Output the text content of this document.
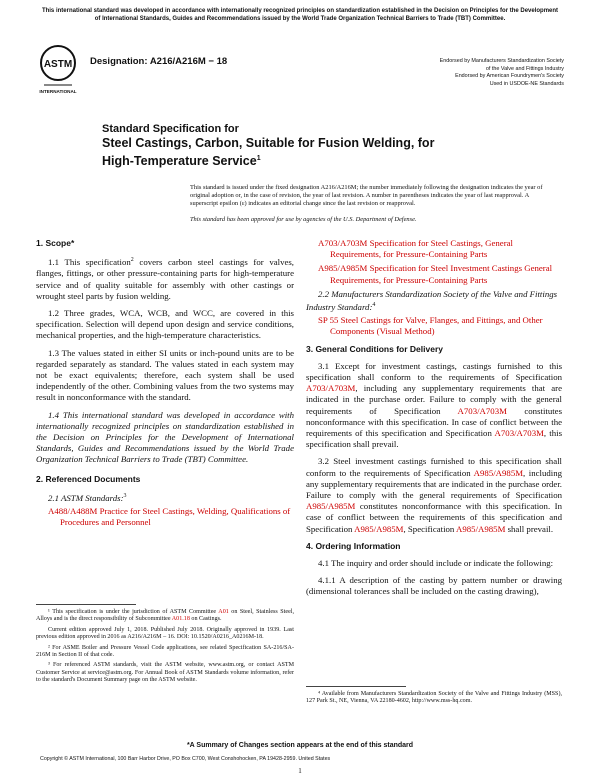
This international standard was developed in accordance with internationally recognized principles on standardization established in the Decision on Principles for the Development of International Standards, Guides and Recommendations issued by the World Trade Organization Technical Barriers to Trade (TBT) Committee.
ASTM
INTERNATIONAL
Designation: A216/A216M − 18	Endorsed by Manufacturers Standardization Society
of the Valve and Fittings Industry
Endorsed by American Foundrymen's Society
Used in USDOE-NE Standards
Standard Specification for
Steel Castings, Carbon, Suitable for Fusion Welding, for
High-Temperature Service$^1$
This standard is issued under the fixed designation A216/A216M; the number immediately following the designation indicates the year of original adoption or, in the case of revision, the year of last revision. A number in parentheses indicates the year of last reapproval. A superscript epsilon (ε) indicates an editorial change since the last revision or reapproval.
This standard has been approved for use by agencies of the U.S. Department of Defense.
1. Scope*

1.1 This specification$^2$ covers carbon steel castings for valves, flanges, fittings, or other pressure-containing parts for high-temperature service and of quality suitable for assembly with other castings or wrought steel parts by fusion welding.

1.2 Three grades, WCA, WCB, and WCC, are covered in this specification. Selection will depend upon design and service conditions, mechanical properties, and the high-temperature characteristics.

1.3 The values stated in either SI units or inch-pound units are to be regarded separately as standard. The values stated in each system may not be exact equivalents; therefore, each system shall be used independently of the other. Combining values from the two systems may result in nonconformance with the standard.

1.4 This international standard was developed in accordance with internationally recognized principles on standardization established in the Decision on Principles for the Development of International Standards, Guides and Recommendations issued by the World Trade Organization Technical Barriers to Trade (TBT) Committee.

2. Referenced Documents

2.1 ASTM Standards:$^3$

A488/A488M Practice for Steel Castings, Welding, Qualifications of Procedures and Personnel

¹ This specification is under the jurisdiction of ASTM Committee A01 on Steel, Stainless Steel, Alloys and is the direct responsibility of Subcommittee A01.18 on Castings.

Current edition approved July 1, 2018. Published July 2018. Originally approved in 1939. Last previous edition approved in 2016 as A216/A216M – 16. DOI: 10.1520/A0216_A0216M-18.

² For ASME Boiler and Pressure Vessel Code applications, see related Specification SA-216/SA-216M in Section II of that code.

³ For referenced ASTM standards, visit the ASTM website, www.astm.org, or contact ASTM Customer Service at service@astm.org. For Annual Book of ASTM Standards volume information, refer to the standard's Document Summary page on the ASTM website.

A703/A703M Specification for Steel Castings, General Requirements, for Pressure-Containing Parts

A985/A985M Specification for Steel Investment Castings General Requirements, for Pressure-Containing Parts

2.2 Manufacturers Standardization Society of the Valve and Fittings Industry Standard:$^4$

SP 55 Steel Castings for Valve, Flanges, and Fittings, and Other Components (Visual Method)

3. General Conditions for Delivery

3.1 Except for investment castings, castings furnished to this specification shall conform to the requirements of Specification A703/A703M, including any supplementary requirements that are indicated in the purchase order. Failure to comply with the general requirements of Specification A703/A703M constitutes nonconformance with this specification. In case of conflict between the requirements of this specification and Specification A703/A703M, this specification shall prevail.

3.2 Steel investment castings furnished to this specification shall conform to the requirements of Specification A985/A985M, including any supplementary requirements that are indicated in the purchase order. Failure to comply with the general requirements of Specification A985/A985M constitutes nonconformance with this specification. In case of conflict between the requirements of this specification and Specification A985/A985M, Specification A985/A985M shall prevail.

4. Ordering Information

4.1 The inquiry and order should include or indicate the following:

4.1.1 A description of the casting by pattern number or drawing (dimensional tolerances shall be included on the casting drawing),

⁴ Available from Manufacturers Standardization Society of the Valve and Fittings Industry (MSS), 127 Park St., NE, Vienna, VA 22180-4602, http://www.mss-hq.com.

*A Summary of Changes section appears at the end of this standard
Copyright © ASTM International, 100 Barr Harbor Drive, PO Box C700, West Conshohocken, PA 19428-2959. United States
1
